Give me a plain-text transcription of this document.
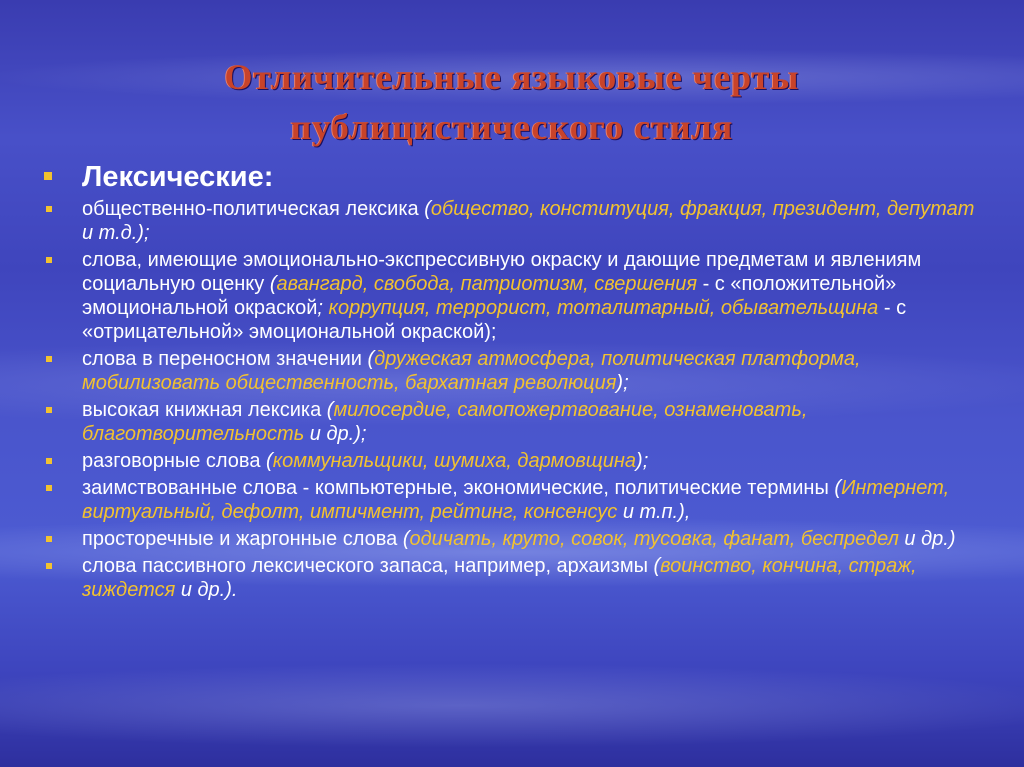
Отличительные языковые черты
публицистического стиля
Лексические:
общественно-политическая лексика (общество, конституция, фракция, президент, депутат и т.д.);
слова, имеющие эмоционально-экспрессивную окраску и дающие предметам и явлениям социальную оценку (авангард, свобода, патриотизм, свершения - с «положительной» эмоциональной окраской; коррупция, террорист, тоталитарный, обывательщина - с «отрицательной» эмоциональной окраской);
слова в переносном значении (дружеская атмосфера, политическая платформа, мобилизовать общественность, бархатная революция);
высокая книжная лексика (милосердие, самопожертвование, ознаменовать, благотворительность и др.);
разговорные слова (коммунальщики, шумиха, дармовщина);
заимствованные слова - компьютерные, экономические, политические термины (Интернет, виртуальный, дефолт, импичмент, рейтинг, консенсус и т.п.),
просторечные и жаргонные слова (одичать, круто, совок, тусовка, фанат, беспредел и др.)
слова пассивного лексического запаса, например, архаизмы (воинство, кончина, страж, зиждется и др.).
